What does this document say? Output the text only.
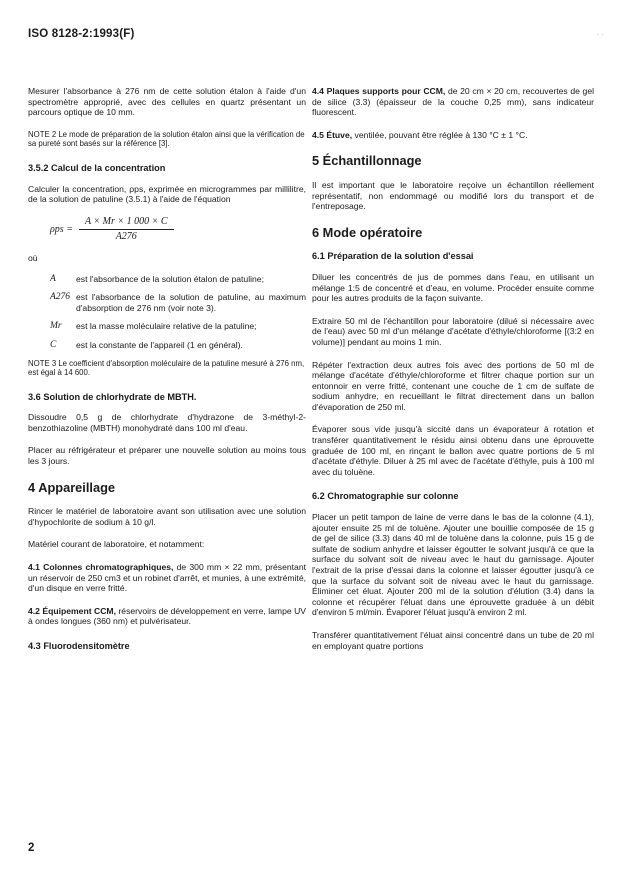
ISO 8128-2:1993(F)	· ·

Mesurer l'absorbance à 276 nm de cette solution étalon à l'aide d'un spectromètre approprié, avec des cellules en quartz présentant un parcours optique de 10 mm.

NOTE 2 Le mode de préparation de la solution étalon ainsi que la vérification de sa pureté sont basés sur la référence [3].
3.5.2 Calcul de la concentration

Calculer la concentration, ρps, exprimée en microgrammes par millilitre, de la solution de patuline (3.5.1) à l'aide de l'équation

$\rho ps = \frac{A \times Mr \times 1 000 \times C}{A276}$
où
A	est l'absorbance de la solution étalon de patuline;
A276 est l'absorbance de la solution de patuline, au maximum d'absorption de 276 nm (voir note 3).
Mr	est la masse moléculaire relative de la patuline;
C	est la constante de l'appareil (1 en général).
NOTE 3 Le coefficient d'absorption moléculaire de la patuline mesuré à 276 nm, est égal à 14 600.
3.6 Solution de chlorhydrate de MBTH.

Dissoudre 0,5 g de chlorhydrate d'hydrazone de 3-méthyl-2-benzothiazoline (MBTH) monohydraté dans 100 ml d'eau.

Placer au réfrigérateur et préparer une nouvelle solution au moins tous les 3 jours.

4 Appareillage

Rincer le matériel de laboratoire avant son utilisation avec une solution d'hypochlorite de sodium à 10 g/l.

Matériel courant de laboratoire, et notamment:

4.1 Colonnes chromatographiques, de 300 mm × 22 mm, présentant un réservoir de 250 cm3 et un robinet d'arrêt, et munies, à une extrémité, d'un disque en verre fritté.

4.2 Équipement CCM, réservoirs de développement en verre, lampe UV à ondes longues (360 nm) et pulvérisateur.

4.3 Fluorodensitomètre

4.4 Plaques supports pour CCM, de 20 cm × 20 cm, recouvertes de gel de silice (3.3) (épaisseur de la couche 0,25 mm), sans indicateur fluorescent.

4.5 Étuve, ventilée, pouvant être réglée à 130 °C ± 1 °C.

5 Échantillonnage

Il est important que le laboratoire reçoive un échantillon réellement représentatif, non endommagé ou modifié lors du transport et de l'entreposage.

6 Mode opératoire
6.1 Préparation de la solution d'essai

Diluer les concentrés de jus de pommes dans l'eau, en utilisant un mélange 1:5 de concentré et d'eau, en volume. Procéder ensuite comme pour les autres produits de la façon suivante.

Extraire 50 ml de l'échantillon pour laboratoire (dilué si nécessaire avec de l'eau) avec 50 ml d'un mélange d'acétate d'éthyle/chloroforme [(3:2 en volume)] pendant au moins 1 min.

Répéter l'extraction deux autres fois avec des portions de 50 ml de mélange d'acétate d'éthyle/chloroforme et filtrer chaque portion sur un entonnoir en verre fritté, contenant une couche de 1 cm de sulfate de sodium anhydre, en recueillant le filtrat directement dans un ballon d'évaporation de 250 ml.

Évaporer sous vide jusqu'à siccité dans un évaporateur à rotation et transférer quantitativement le résidu ainsi obtenu dans une éprouvette graduée de 100 ml, en rinçant le ballon avec quatre portions de 5 ml d'acétate d'éthyle. Diluer à 25 ml avec de l'acétate d'éthyle, puis à 100 ml avec du toluène.

6.2 Chromatographie sur colonne

Placer un petit tampon de laine de verre dans le bas de la colonne (4.1), ajouter ensuite 25 ml de toluène. Ajouter une bouillie composée de 15 g de gel de silice (3.3) dans 40 ml de toluène dans la colonne, puis 15 g de sulfate de sodium anhydre et laisser égoutter le solvant jusqu'à ce que la surface du solvant soit de niveau avec le haut du garnissage. Ajouter l'extrait de la prise d'essai dans la colonne et laisser égoutter jusqu'à ce que la surface du solvant soit de niveau avec le haut du garnissage. Éliminer cet éluat. Ajouter 200 ml de la solution d'élution (3.4) dans la colonne et récupérer l'éluat dans une éprouvette graduée à un débit d'environ 5 ml/min. Évaporer l'éluat jusqu'à environ 2 ml.

Transférer quantitativement l'éluat ainsi concentré dans un tube de 20 ml en employant quatre portions

2
